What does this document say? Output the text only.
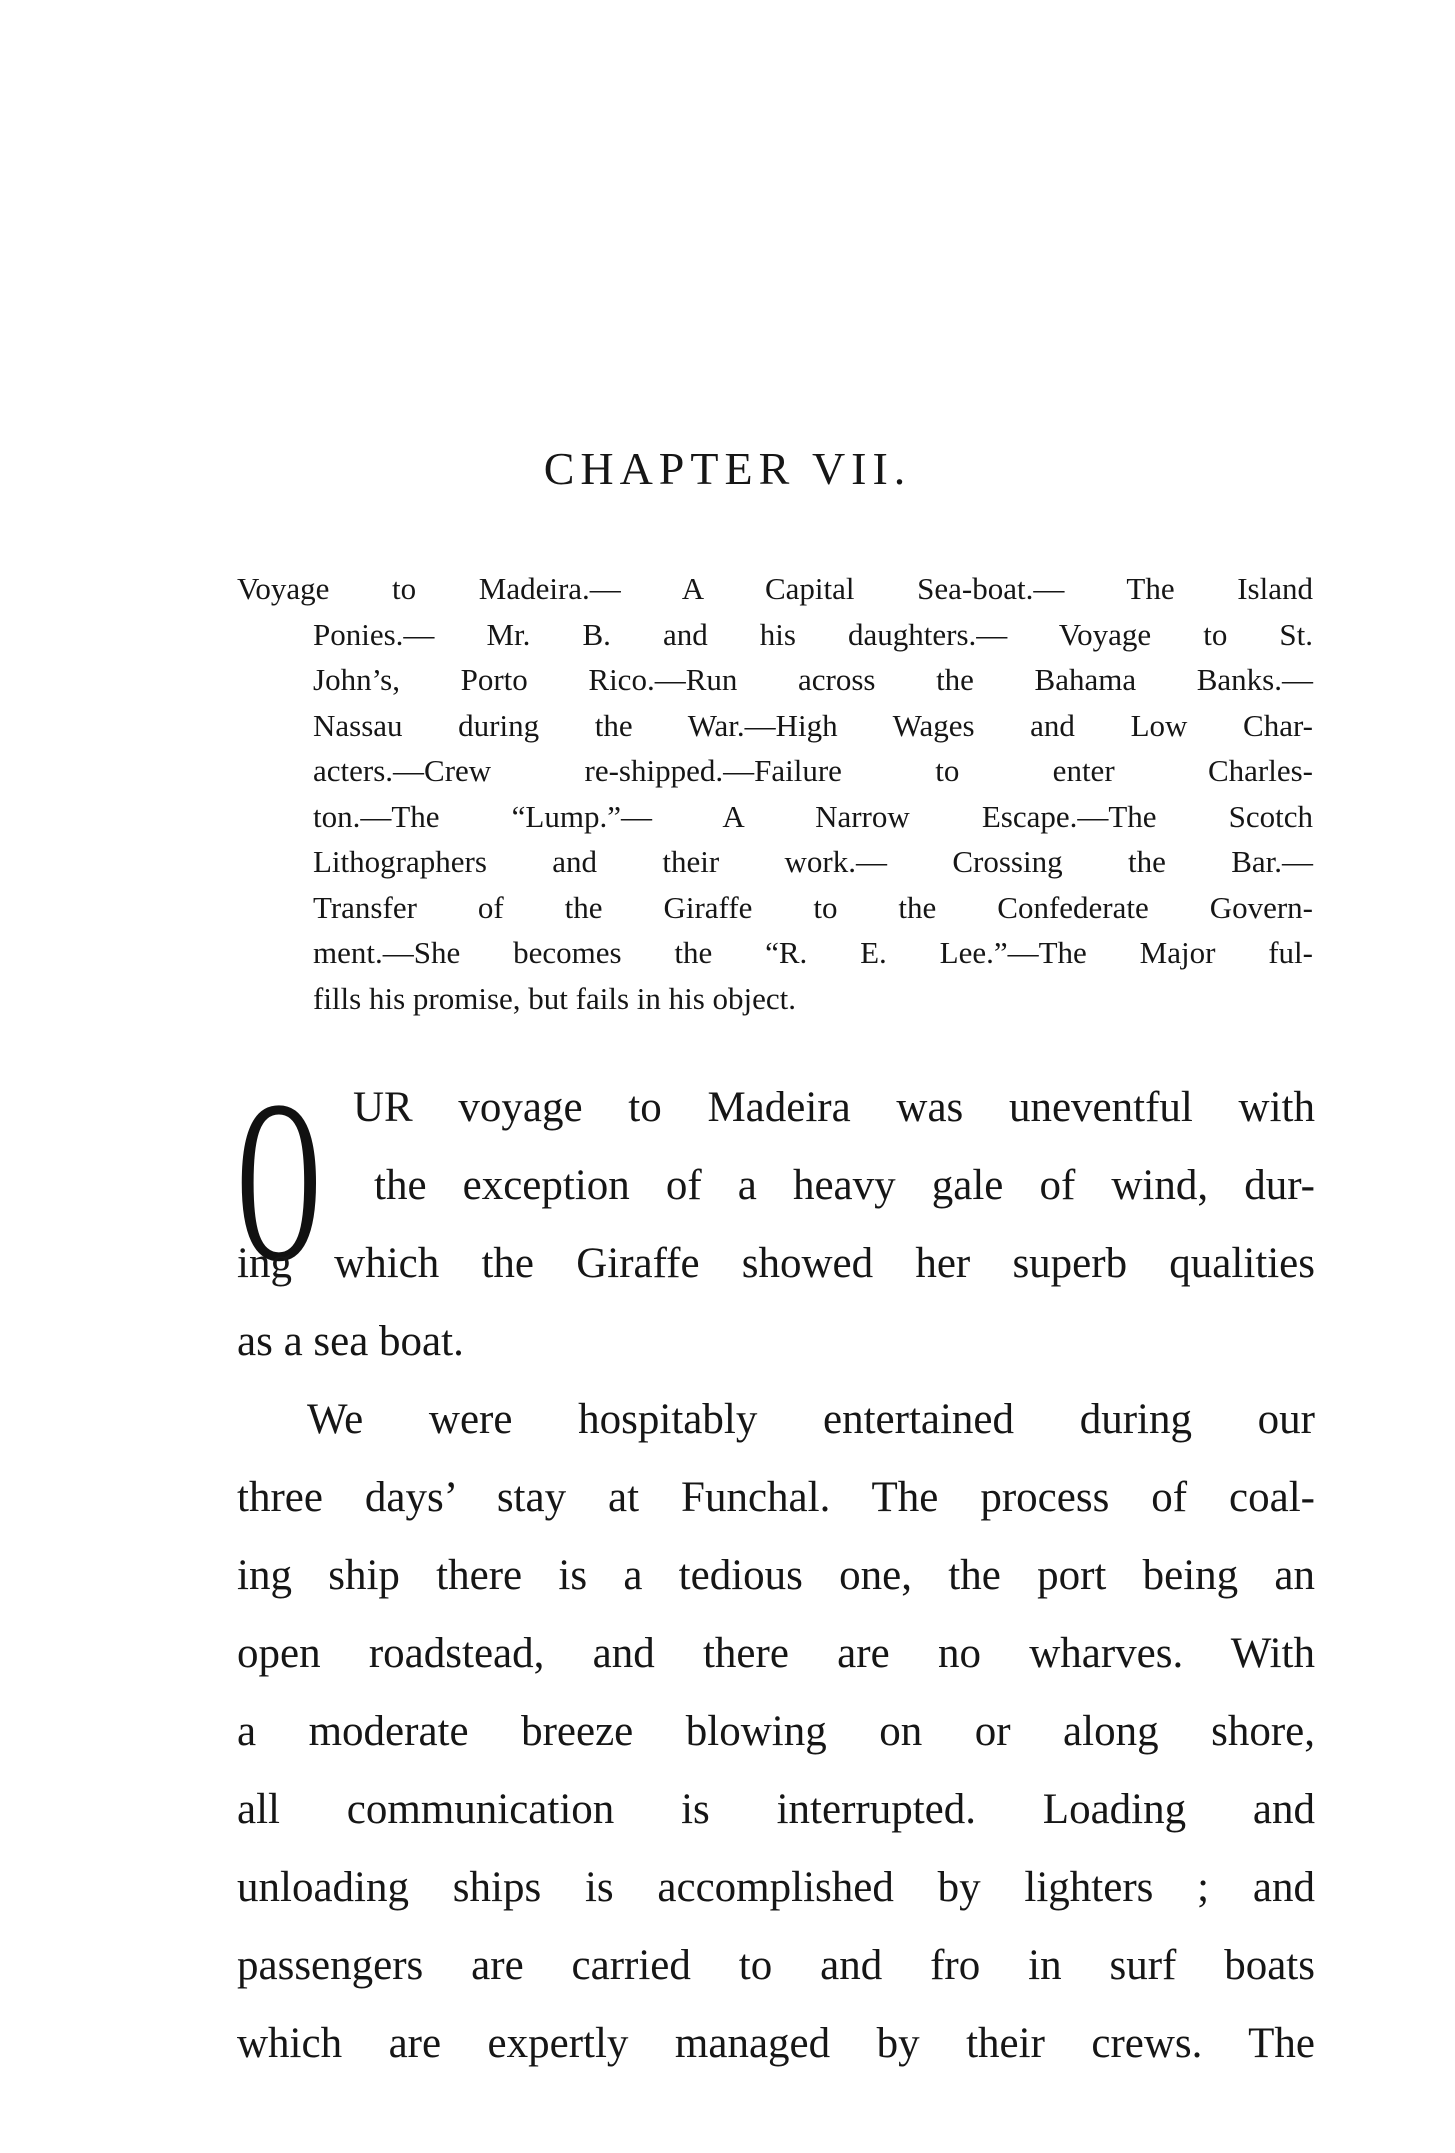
CHAPTER VII.
Voyage to Madeira.— A Capital Sea-boat.— The Island
Ponies.— Mr. B. and his daughters.— Voyage to St.
John’s, Porto Rico.—Run across the Bahama Banks.—
Nassau during the War.—High Wages and Low Char-
acters.—Crew re-shipped.—Failure to enter Charles-
ton.—The “Lump.”— A Narrow Escape.—The Scotch
Lithographers and their work.— Crossing the Bar.—
Transfer of the Giraffe to the Confederate Govern-
ment.—She becomes the “R. E. Lee.”—The Major ful-
fills his promise, but fails in his object.
O UR voyage to Madeira was uneventful with
the exception of a heavy gale of wind, dur-
ing which the Giraffe showed her superb qualities
as a sea boat.
We were hospitably entertained during our
three days’ stay at Funchal. The process of coal-
ing ship there is a tedious one, the port being an
open roadstead, and there are no wharves. With
a moderate breeze blowing on or along shore,
all communication is interrupted. Loading and
unloading ships is accomplished by lighters ; and
passengers are carried to and fro in surf boats
which are expertly managed by their crews. The
